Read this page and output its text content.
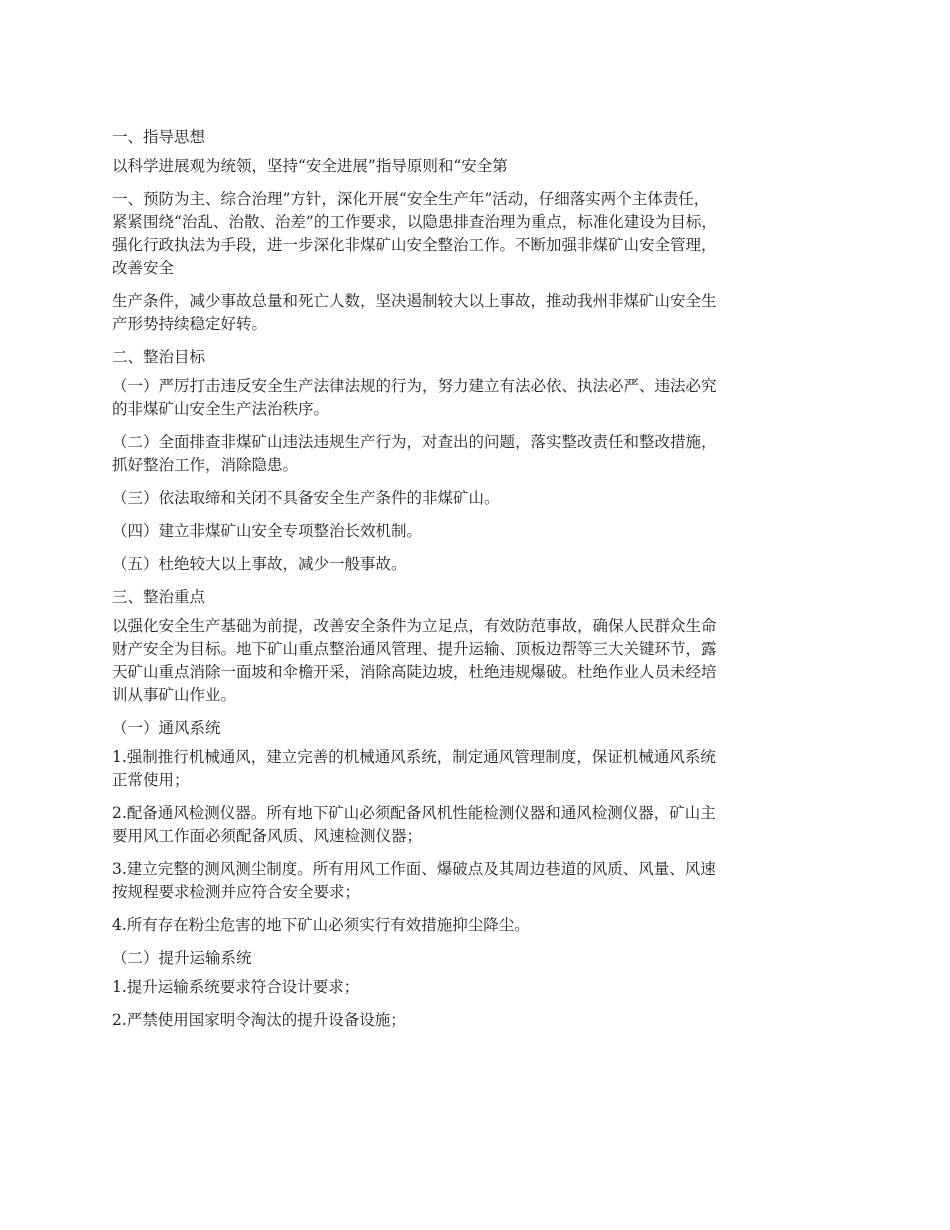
一、指导思想

以科学进展观为统领，坚持“安全进展”指导原则和“安全第

一、预防为主、综合治理”方针，深化开展“安全生产年”活动，仔细落实两个主体责任，
紧紧围绕“治乱、治散、治差”的工作要求，以隐患排查治理为重点，标准化建设为目标，
强化行政执法为手段，进一步深化非煤矿山安全整治工作。不断加强非煤矿山安全管理，
改善安全

生产条件，减少事故总量和死亡人数，坚决遏制较大以上事故，推动我州非煤矿山安全生
产形势持续稳定好转。

二、整治目标

（一）严厉打击违反安全生产法律法规的行为，努力建立有法必依、执法必严、违法必究
的非煤矿山安全生产法治秩序。

（二）全面排查非煤矿山违法违规生产行为，对查出的问题，落实整改责任和整改措施，
抓好整治工作，消除隐患。

（三）依法取缔和关闭不具备安全生产条件的非煤矿山。

（四）建立非煤矿山安全专项整治长效机制。

（五）杜绝较大以上事故，减少一般事故。

三、整治重点

以强化安全生产基础为前提，改善安全条件为立足点，有效防范事故，确保人民群众生命
财产安全为目标。地下矿山重点整治通风管理、提升运输、顶板边帮等三大关键环节，露
天矿山重点消除一面坡和伞檐开采，消除高陡边坡，杜绝违规爆破。杜绝作业人员未经培
训从事矿山作业。

（一）通风系统

1.强制推行机械通风，建立完善的机械通风系统，制定通风管理制度，保证机械通风系统
正常使用；

2.配备通风检测仪器。所有地下矿山必须配备风机性能检测仪器和通风检测仪器，矿山主
要用风工作面必须配备风质、风速检测仪器；

3.建立完整的测风测尘制度。所有用风工作面、爆破点及其周边巷道的风质、风量、风速
按规程要求检测并应符合安全要求；

4.所有存在粉尘危害的地下矿山必须实行有效措施抑尘降尘。

（二）提升运输系统

1.提升运输系统要求符合设计要求；

2.严禁使用国家明令淘汰的提升设备设施；
